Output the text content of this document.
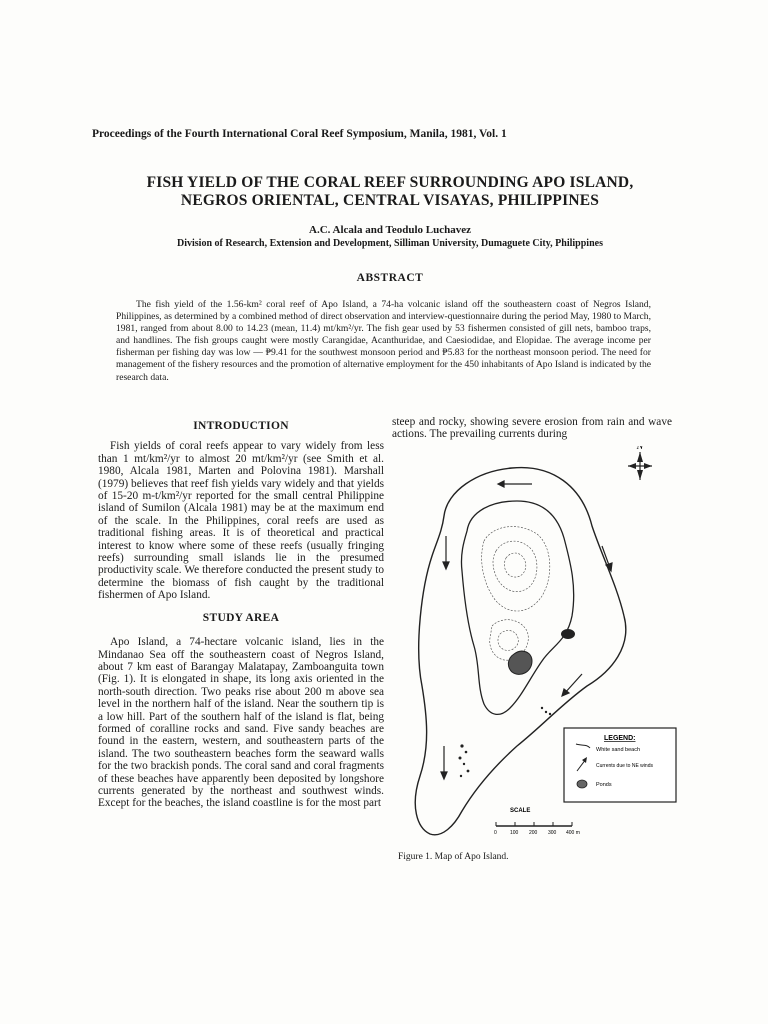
Proceedings of the Fourth International Coral Reef Symposium, Manila, 1981, Vol. 1
FISH YIELD OF THE CORAL REEF SURROUNDING APO ISLAND,
NEGROS ORIENTAL, CENTRAL VISAYAS, PHILIPPINES
A.C. Alcala and Teodulo Luchavez
Division of Research, Extension and Development, Silliman University, Dumaguete City, Philippines
ABSTRACT
The fish yield of the 1.56-km² coral reef of Apo Island, a 74-ha volcanic island off the southeastern coast of Negros Island, Philippines, as determined by a combined method of direct observation and interview-questionnaire during the period May, 1980 to March, 1981, ranged from about 8.00 to 14.23 (mean, 11.4) mt/km²/yr. The fish gear used by 53 fishermen consisted of gill nets, bamboo traps, and handlines. The fish groups caught were mostly Carangidae, Acanthuridae, and Caesiodidae, and Elopidae. The average income per fisherman per fishing day was low — ₱9.41 for the southwest monsoon period and ₱5.83 for the northeast monsoon period. The need for management of the fishery resources and the promotion of alternative employment for the 450 inhabitants of Apo Island is indicated by the research data.

INTRODUCTION

Fish yields of coral reefs appear to vary widely from less than 1 mt/km²/yr to almost 20 mt/km²/yr (see Smith et al. 1980, Alcala 1981, Marten and Polovina 1981). Marshall (1979) believes that reef fish yields vary widely and that yields of 15-20 m-t/km²/yr reported for the small central Philippine island of Sumilon (Alcala 1981) may be at the maximum end of the scale. In the Philippines, coral reefs are used as traditional fishing areas. It is of theoretical and practical interest to know where some of these reefs (usually fringing reefs) surrounding small islands lie in the presumed productivity scale. We therefore conducted the present study to determine the biomass of fish caught by the traditional fishermen of Apo Island.

STUDY AREA

Apo Island, a 74-hectare volcanic island, lies in the Mindanao Sea off the southeastern coast of Negros Island, about 7 km east of Barangay Malatapay, Zamboanguita town (Fig. 1). It is elongated in shape, its long axis oriented in the north-south direction. Two peaks rise about 200 m above sea level in the northern half of the island. Near the southern tip is a low hill. Part of the southern half of the island is flat, being formed of coralline rocks and sand. Five sandy beaches are found in the eastern, western, and southeastern parts of the island. The two southeastern beaches form the seaward walls for the two brackish ponds. The coral sand and coral fragments of these beaches have apparently been deposited by longshore currents generated by the northeast and southwest winds. Except for the beaches, the island coastline is for the most part

steep and rocky, showing severe erosion from rain and wave actions. The prevailing currents during
N
LEGEND:
White sand beach
Currents due to NE winds
Ponds
SCALE
0	100 200 300 400 m
Figure 1. Map of Apo Island.
